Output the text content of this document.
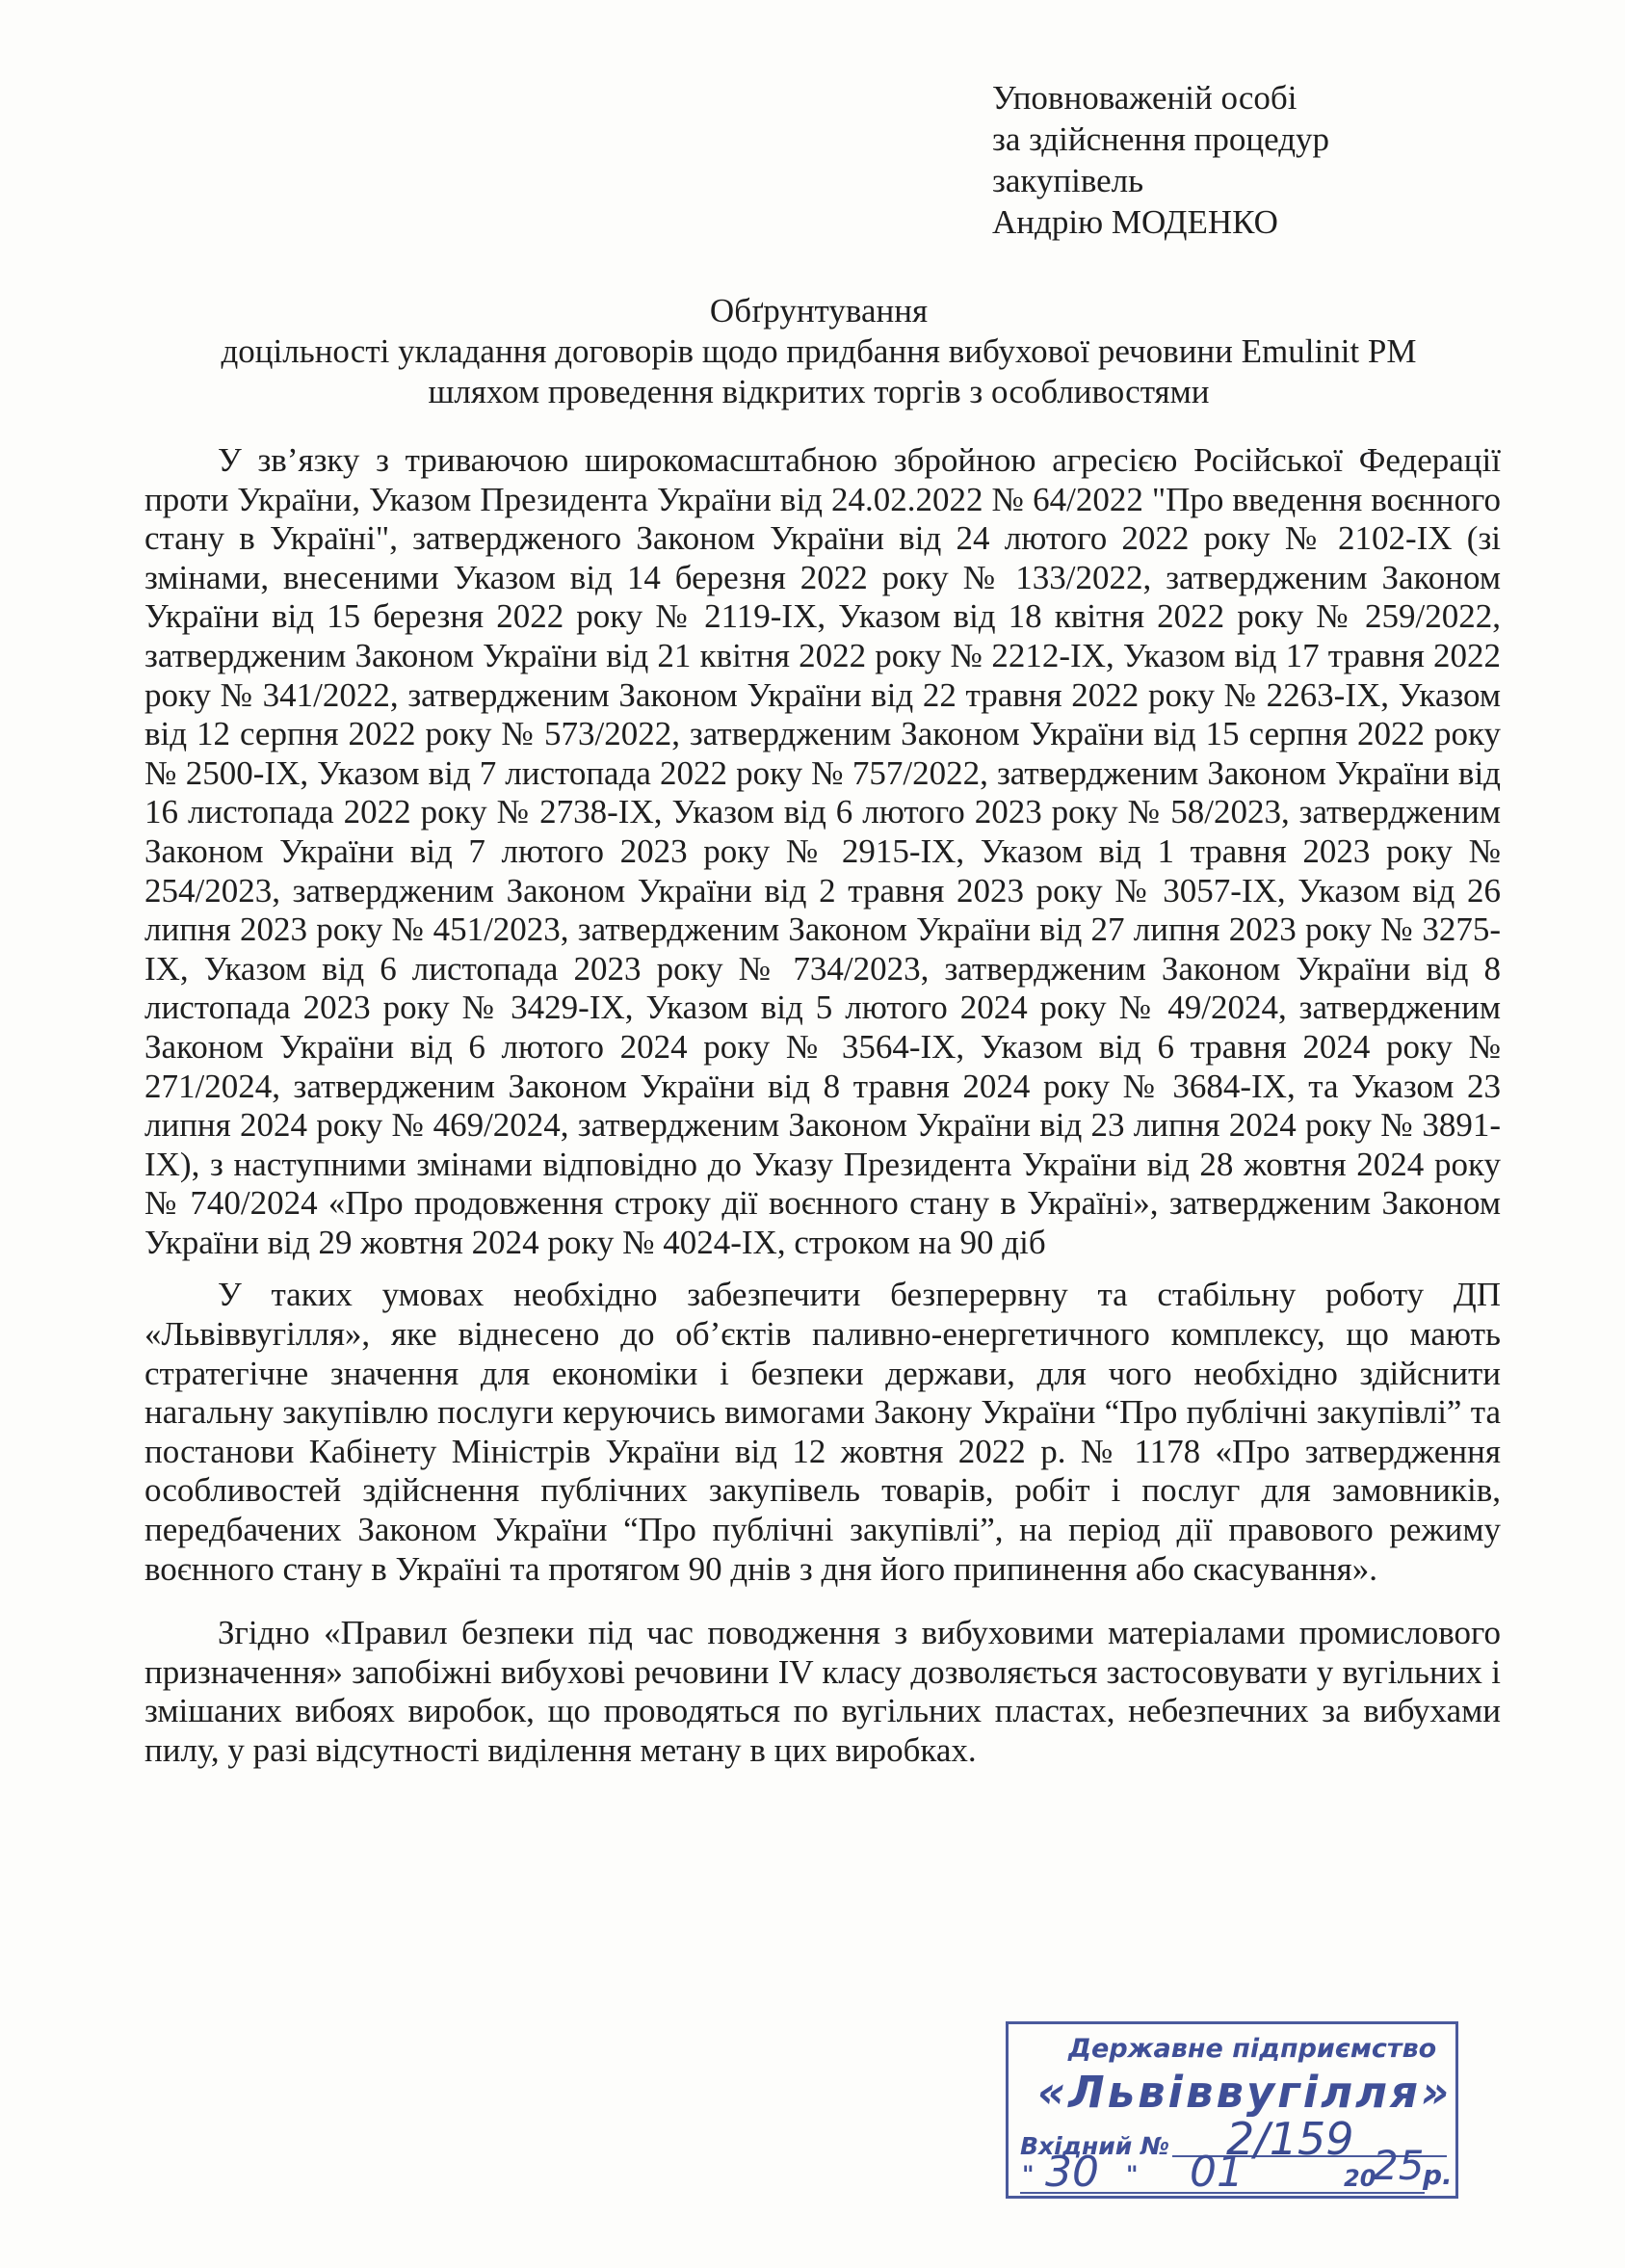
Уповноваженій особі
за здійснення процедур
закупівель
Андрію МОДЕНКО
Обґрунтування
доцільності укладання договорів щодо придбання вибухової речовини Emulinit PM
шляхом проведення відкритих торгів з особливостями

У зв’язку з триваючою широкомасштабною збройною агресією Російської Федерації проти України, Указом Президента України від 24.02.2022 № 64/2022 "Про введення воєнного стану в Україні", затвердженого Законом України від 24 лютого 2022 року № 2102-IX (зі змінами, внесеними Указом від 14 березня 2022 року № 133/2022, затвердженим Законом України від 15 березня 2022 року № 2119-IX, Указом від 18 квітня 2022 року № 259/2022, затвердженим Законом України від 21 квітня 2022 року № 2212-IX, Указом від 17 травня 2022 року № 341/2022, затвердженим Законом України від 22 травня 2022 року № 2263-IX, Указом від 12 серпня 2022 року № 573/2022, затвердженим Законом України від 15 серпня 2022 року № 2500-IX, Указом від 7 листопада 2022 року № 757/2022, затвердженим Законом України від 16 листопада 2022 року № 2738-IX, Указом від 6 лютого 2023 року № 58/2023, затвердженим Законом України від 7 лютого 2023 року № 2915-IX, Указом від 1 травня 2023 року № 254/2023, затвердженим Законом України від 2 травня 2023 року № 3057-IX, Указом від 26 липня 2023 року № 451/2023, затвердженим Законом України від 27 липня 2023 року № 3275-IX, Указом від 6 листопада 2023 року № 734/2023, затвердженим Законом України від 8 листопада 2023 року № 3429-IX, Указом від 5 лютого 2024 року № 49/2024, затвердженим Законом України від 6 лютого 2024 року № 3564-IX, Указом від 6 травня 2024 року № 271/2024, затвердженим Законом України від 8 травня 2024 року № 3684-IX, та Указом 23 липня 2024 року № 469/2024, затвердженим Законом України від 23 липня 2024 року № 3891-IX), з наступними змінами відповідно до Указу Президента України від 28 жовтня 2024 року № 740/2024 «Про продовження строку дії воєнного стану в Україні», затвердженим Законом України від 29 жовтня 2024 року № 4024-IX, строком на 90 діб

У таких умовах необхідно забезпечити безперервну та стабільну роботу ДП «Львіввугілля», яке віднесено до об’єктів паливно-енергетичного комплексу, що мають стратегічне значення для економіки і безпеки держави, для чого необхідно здійснити нагальну закупівлю послуги керуючись вимогами Закону України “Про публічні закупівлі” та постанови Кабінету Міністрів України від 12 жовтня 2022 р. № 1178 «Про затвердження особливостей здійснення публічних закупівель товарів, робіт і послуг для замовників, передбачених Законом України “Про публічні закупівлі”, на період дії правового режиму воєнного стану в Україні та протягом 90 днів з дня його припинення або скасування».

Згідно «Правил безпеки під час поводження з вибуховими матеріалами промислового призначення» запобіжні вибухові речовини IV класу дозволяється застосовувати у вугільних і змішаних вибоях виробок, що проводяться по вугільних пластах, небезпечних за вибухами пилу, у разі відсутності виділення метану в цих виробках.

Державне підприємство
«Львіввугілля»
Вхідний № 2/159
" 30 " 01	20
25
р.
